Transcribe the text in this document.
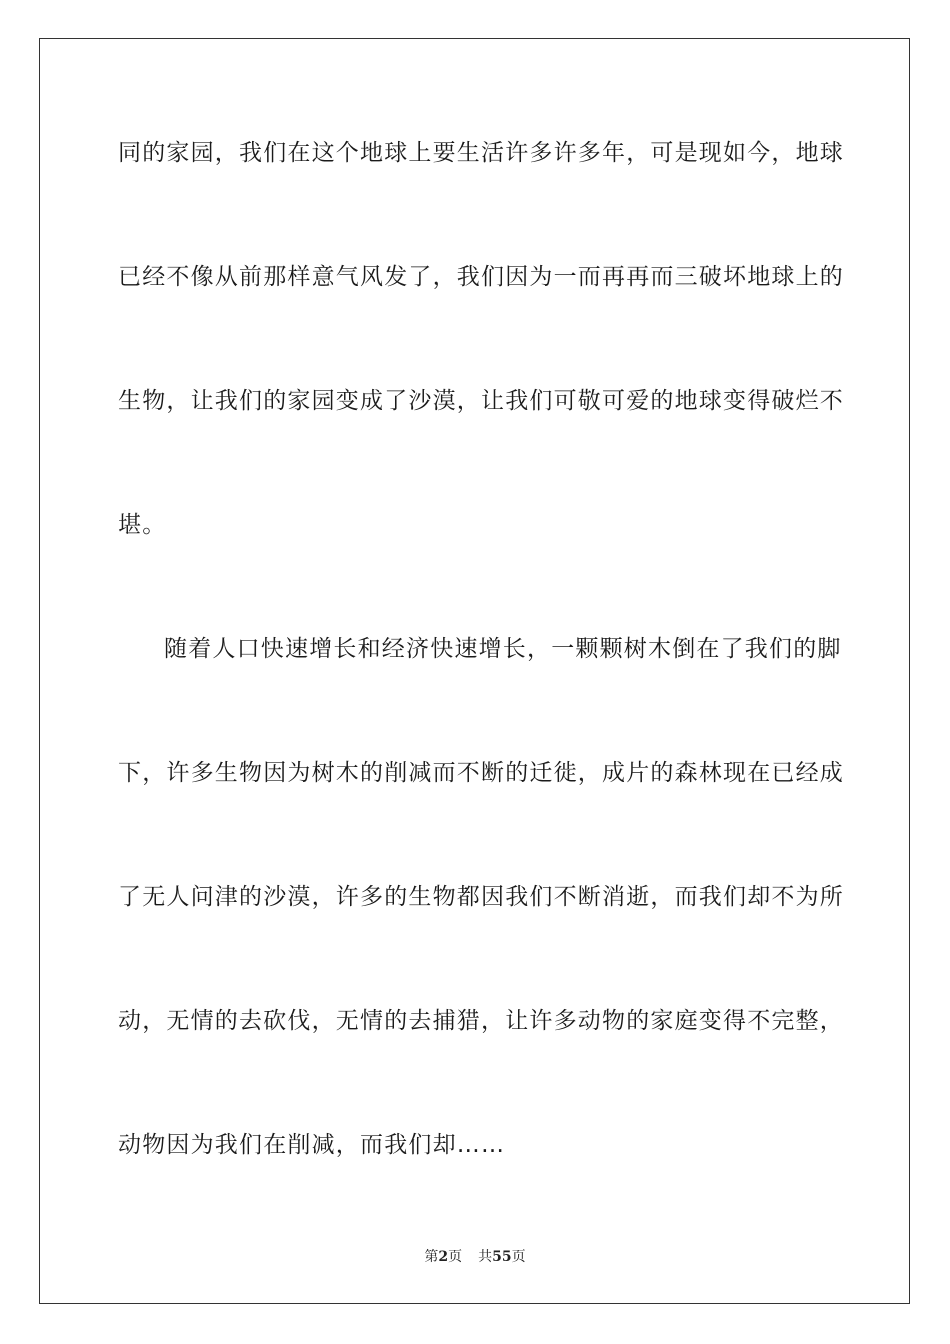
同的家园，我们在这个地球上要生活许多许多年，可是现如今，地球
已经不像从前那样意气风发了，我们因为一而再再而三破坏地球上的
生物，让我们的家园变成了沙漠，让我们可敬可爱的地球变得破烂不
堪。
随着人口快速增长和经济快速增长，一颗颗树木倒在了我们的脚
下，许多生物因为树木的削减而不断的迁徙，成片的森林现在已经成
了无人问津的沙漠，许多的生物都因我们不断消逝，而我们却不为所
动，无情的去砍伐，无情的去捕猎，让许多动物的家庭变得不完整，
动物因为我们在削减，而我们却……
第2页 共55页
